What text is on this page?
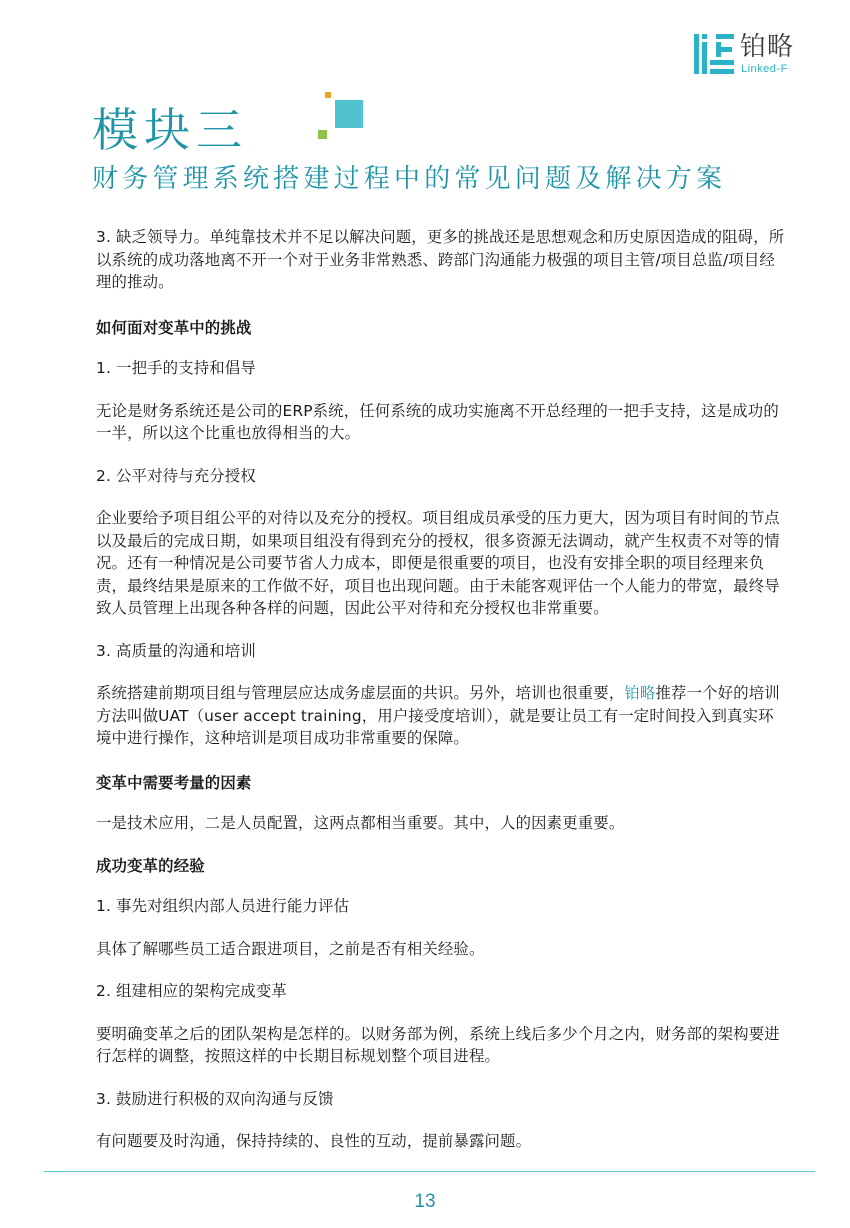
铂略
Linked-F
模块三
财务管理系统搭建过程中的常见问题及解决方案

3. 缺乏领导力。单纯靠技术并不足以解决问题，更多的挑战还是思想观念和历史原因造成的阻碍，所以系统的成功落地离不开一个对于业务非常熟悉、跨部门沟通能力极强的项目主管/项目总监/项目经理的推动。

如何面对变革中的挑战

1. 一把手的支持和倡导

无论是财务系统还是公司的ERP系统，任何系统的成功实施离不开总经理的一把手支持，这是成功的一半，所以这个比重也放得相当的大。

2. 公平对待与充分授权

企业要给予项目组公平的对待以及充分的授权。项目组成员承受的压力更大，因为项目有时间的节点以及最后的完成日期，如果项目组没有得到充分的授权，很多资源无法调动，就产生权责不对等的情况。还有一种情况是公司要节省人力成本，即便是很重要的项目，也没有安排全职的项目经理来负责，最终结果是原来的工作做不好，项目也出现问题。由于未能客观评估一个人能力的带宽，最终导致人员管理上出现各种各样的问题，因此公平对待和充分授权也非常重要。

3. 高质量的沟通和培训

系统搭建前期项目组与管理层应达成务虚层面的共识。另外，培训也很重要，铂略推荐一个好的培训方法叫做UAT（user accept training，用户接受度培训），就是要让员工有一定时间投入到真实环境中进行操作，这种培训是项目成功非常重要的保障。

变革中需要考量的因素

一是技术应用，二是人员配置，这两点都相当重要。其中，人的因素更重要。

成功变革的经验

1. 事先对组织内部人员进行能力评估

具体了解哪些员工适合跟进项目，之前是否有相关经验。

2. 组建相应的架构完成变革

要明确变革之后的团队架构是怎样的。以财务部为例，系统上线后多少个月之内，财务部的架构要进行怎样的调整，按照这样的中长期目标规划整个项目进程。

3. 鼓励进行积极的双向沟通与反馈

有问题要及时沟通，保持持续的、良性的互动，提前暴露问题。

13
